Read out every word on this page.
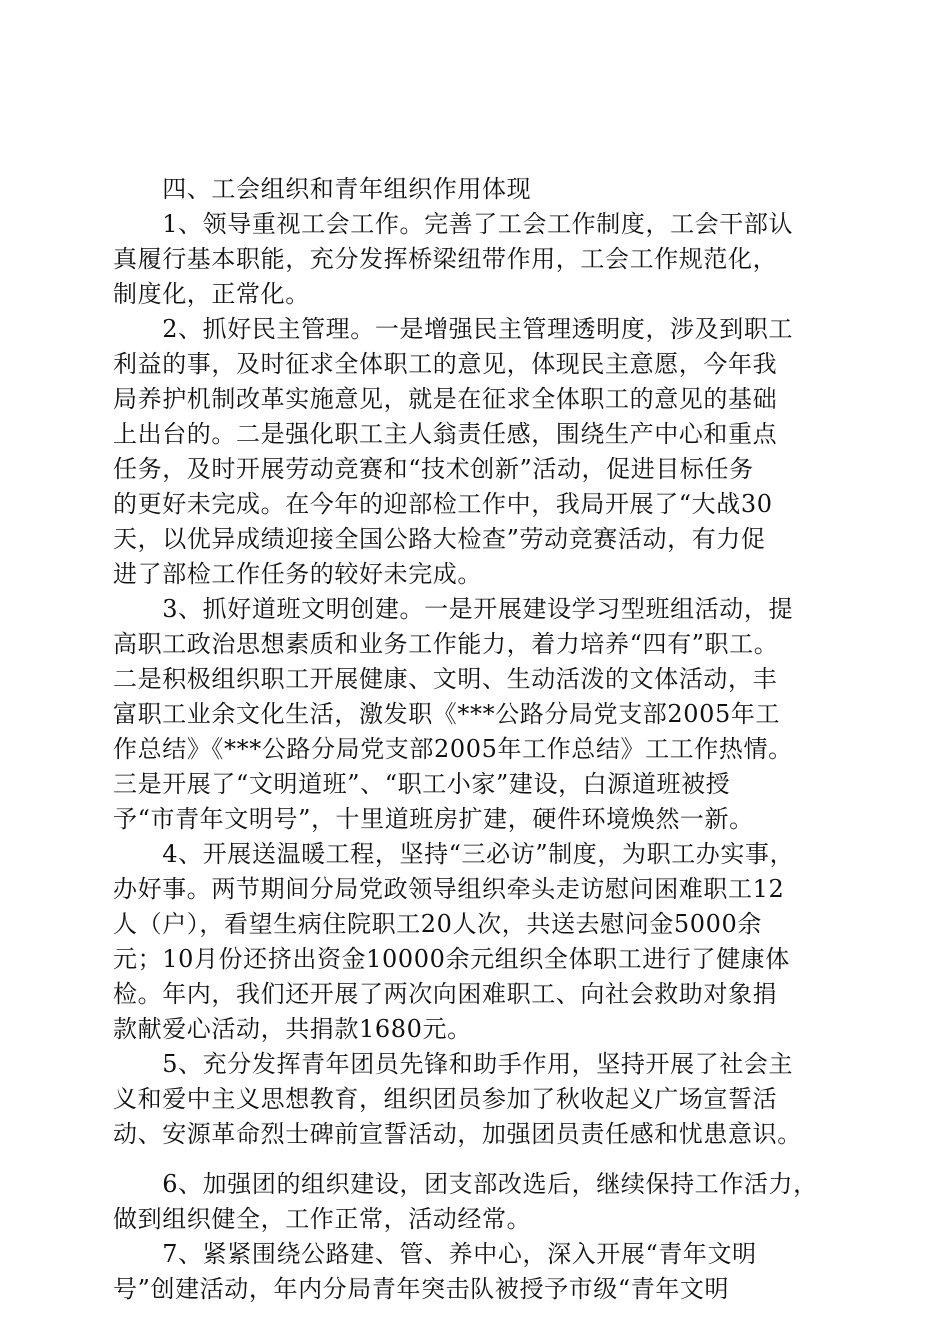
　　四、工会组织和青年组织作用体现
　　1、领导重视工会工作。完善了工会工作制度，工会干部认
真履行基本职能，充分发挥桥梁纽带作用，工会工作规范化，
制度化，正常化。
　　2、抓好民主管理。一是增强民主管理透明度，涉及到职工
利益的事，及时征求全体职工的意见，体现民主意愿，今年我
局养护机制改革实施意见，就是在征求全体职工的意见的基础
上出台的。二是强化职工主人翁责任感，围绕生产中心和重点
任务，及时开展劳动竞赛和“技术创新”活动，促进目标任务
的更好未完成。在今年的迎部检工作中，我局开展了“大战30
天，以优异成绩迎接全国公路大检查”劳动竞赛活动，有力促
进了部检工作任务的较好未完成。
　　3、抓好道班文明创建。一是开展建设学习型班组活动，提
高职工政治思想素质和业务工作能力，着力培养“四有”职工。
二是积极组织职工开展健康、文明、生动活泼的文体活动，丰
富职工业余文化生活，激发职《***公路分局党支部2005年工
作总结》《***公路分局党支部2005年工作总结》工工作热情。
三是开展了“文明道班”、“职工小家”建设，白源道班被授
予“市青年文明号”，十里道班房扩建，硬件环境焕然一新。
　　4、开展送温暖工程，坚持“三必访”制度，为职工办实事，
办好事。两节期间分局党政领导组织牵头走访慰问困难职工12
人（户），看望生病住院职工20人次，共送去慰问金5000余
元；10月份还挤出资金10000余元组织全体职工进行了健康体
检。年内，我们还开展了两次向困难职工、向社会救助对象捐
款献爱心活动，共捐款1680元。
　　5、充分发挥青年团员先锋和助手作用，坚持开展了社会主
义和爱中主义思想教育，组织团员参加了秋收起义广场宣誓活
动、安源革命烈士碑前宣誓活动，加强团员责任感和忧患意识。
　　6、加强团的组织建设，团支部改选后，继续保持工作活力，
做到组织健全，工作正常，活动经常。
　　7、紧紧围绕公路建、管、养中心，深入开展“青年文明
号”创建活动，年内分局青年突击队被授予市级“青年文明
